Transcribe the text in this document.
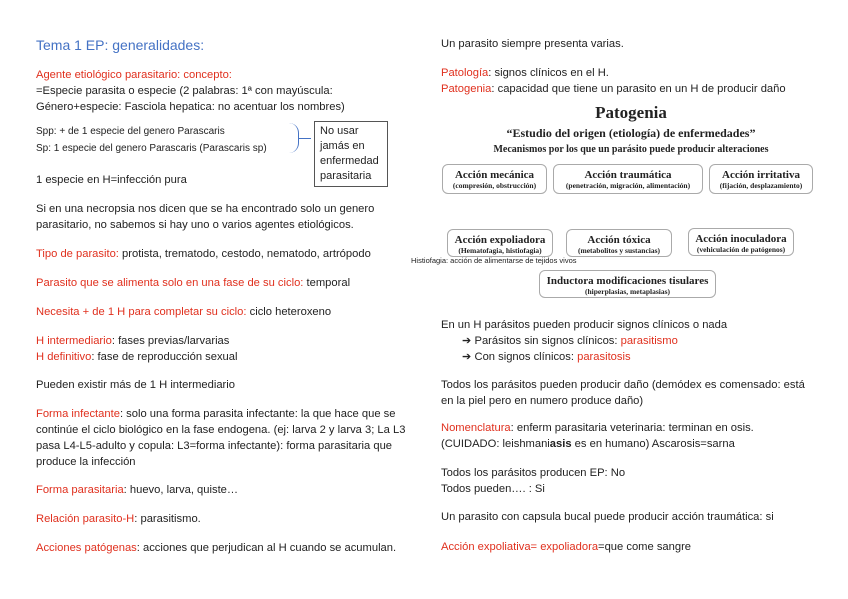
Tema 1 EP: generalidades:
Agente etiológico parasitario: concepto:
=Especie parasita o especie (2 palabras: 1ª con mayúscula:
Género+especie: Fasciola hepatica: no acentuar los nombres)
Spp: + de 1 especie del genero Parascaris
Sp: 1 especie del genero Parascaris (Parascaris sp)
No usar
jamás en
enfermedad
parasitaria
1 especie en H=infección pura
Si en una necropsia nos dicen que se ha encontrado solo un genero
parasitario, no sabemos si hay uno o varios agentes etiológicos.
Tipo de parasito: protista, trematodo, cestodo, nematodo, artrópodo
Parasito que se alimenta solo en una fase de su ciclo: temporal
Necesita + de 1 H para completar su ciclo: ciclo heteroxeno
H intermediario: fases previas/larvarias
H definitivo: fase de reproducción sexual
Pueden existir más de 1 H intermediario
Forma infectante: solo una forma parasita infectante: la que hace que se
continúe el ciclo biológico en la fase endogena. (ej: larva 2 y larva 3; La L3
pasa L4-L5-adulto y copula: L3=forma infectante): forma parasitaria que
produce la infección
Forma parasitaria: huevo, larva, quiste…
Relación parasito-H: parasitismo.
Acciones patógenas: acciones que perjudican al H cuando se acumulan.
Un parasito siempre presenta varias.
Patología: signos clínicos en el H.
Patogenia: capacidad que tiene un parasito en un H de producir daño
Patogenia
“Estudio del origen (etiología) de enfermedades”
Mecanismos por los que un parásito puede producir alteraciones
Acción mecánica
(compresión, obstrucción)
Acción traumática
(penetración, migración, alimentación)
Acción irritativa
(fijación, desplazamiento)
Acción expoliadora
(Hematofagia, histiofagia)
Acción tóxica
(metabolitos y sustancias)
Acción inoculadora
(vehiculación de patógenos)
Histiofagia: acción de alimentarse de tejidos vivos
Inductora modificaciones tisulares
(hiperplasias, metaplasias)
En un H parásitos pueden producir signos clínicos o nada
➔ Parásitos sin signos clínicos: parasitismo
➔ Con signos clínicos: parasitosis
Todos los parásitos pueden producir daño (demódex es comensado: está
en la piel pero en numero produce daño)
Nomenclatura: enferm parasitaria veterinaria: terminan en osis.
(CUIDADO: leishmaniasis es en humano) Ascarosis=sarna
Todos los parásitos producen EP: No
Todos pueden…. : Si
Un parasito con capsula bucal puede producir acción traumática: si
Acción expoliativa= expoliadora=que come sangre
